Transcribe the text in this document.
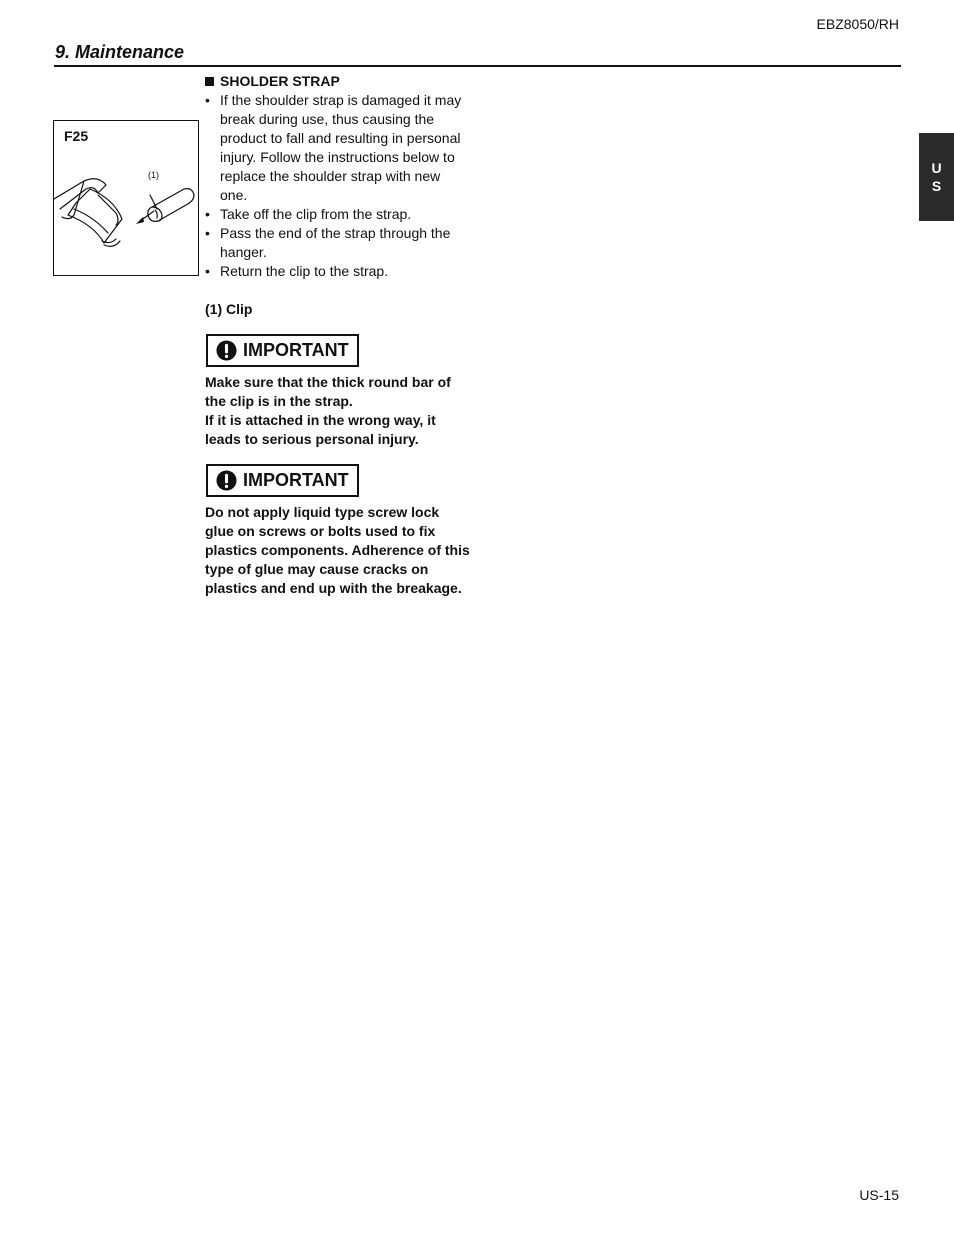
EBZ8050/RH
9. Maintenance
U
S
F25
(1)
SHOLDER STRAP
• If the shoulder strap is damaged it may break during use, thus causing the product to fall and resulting in personal injury. Follow the instructions below to replace the shoulder strap with new one.
• Take off the clip from the strap.
• Pass the end of the strap through the hanger.
• Return the clip to the strap.
(1) Clip
IMPORTANT
Make sure that the thick round bar of the clip is in the strap.
If it is attached in the wrong way, it leads to serious personal injury.
IMPORTANT
Do not apply liquid type screw lock glue on screws or bolts used to fix plastics components. Adherence of this type of glue may cause cracks on plastics and end up with the breakage.
US-15
